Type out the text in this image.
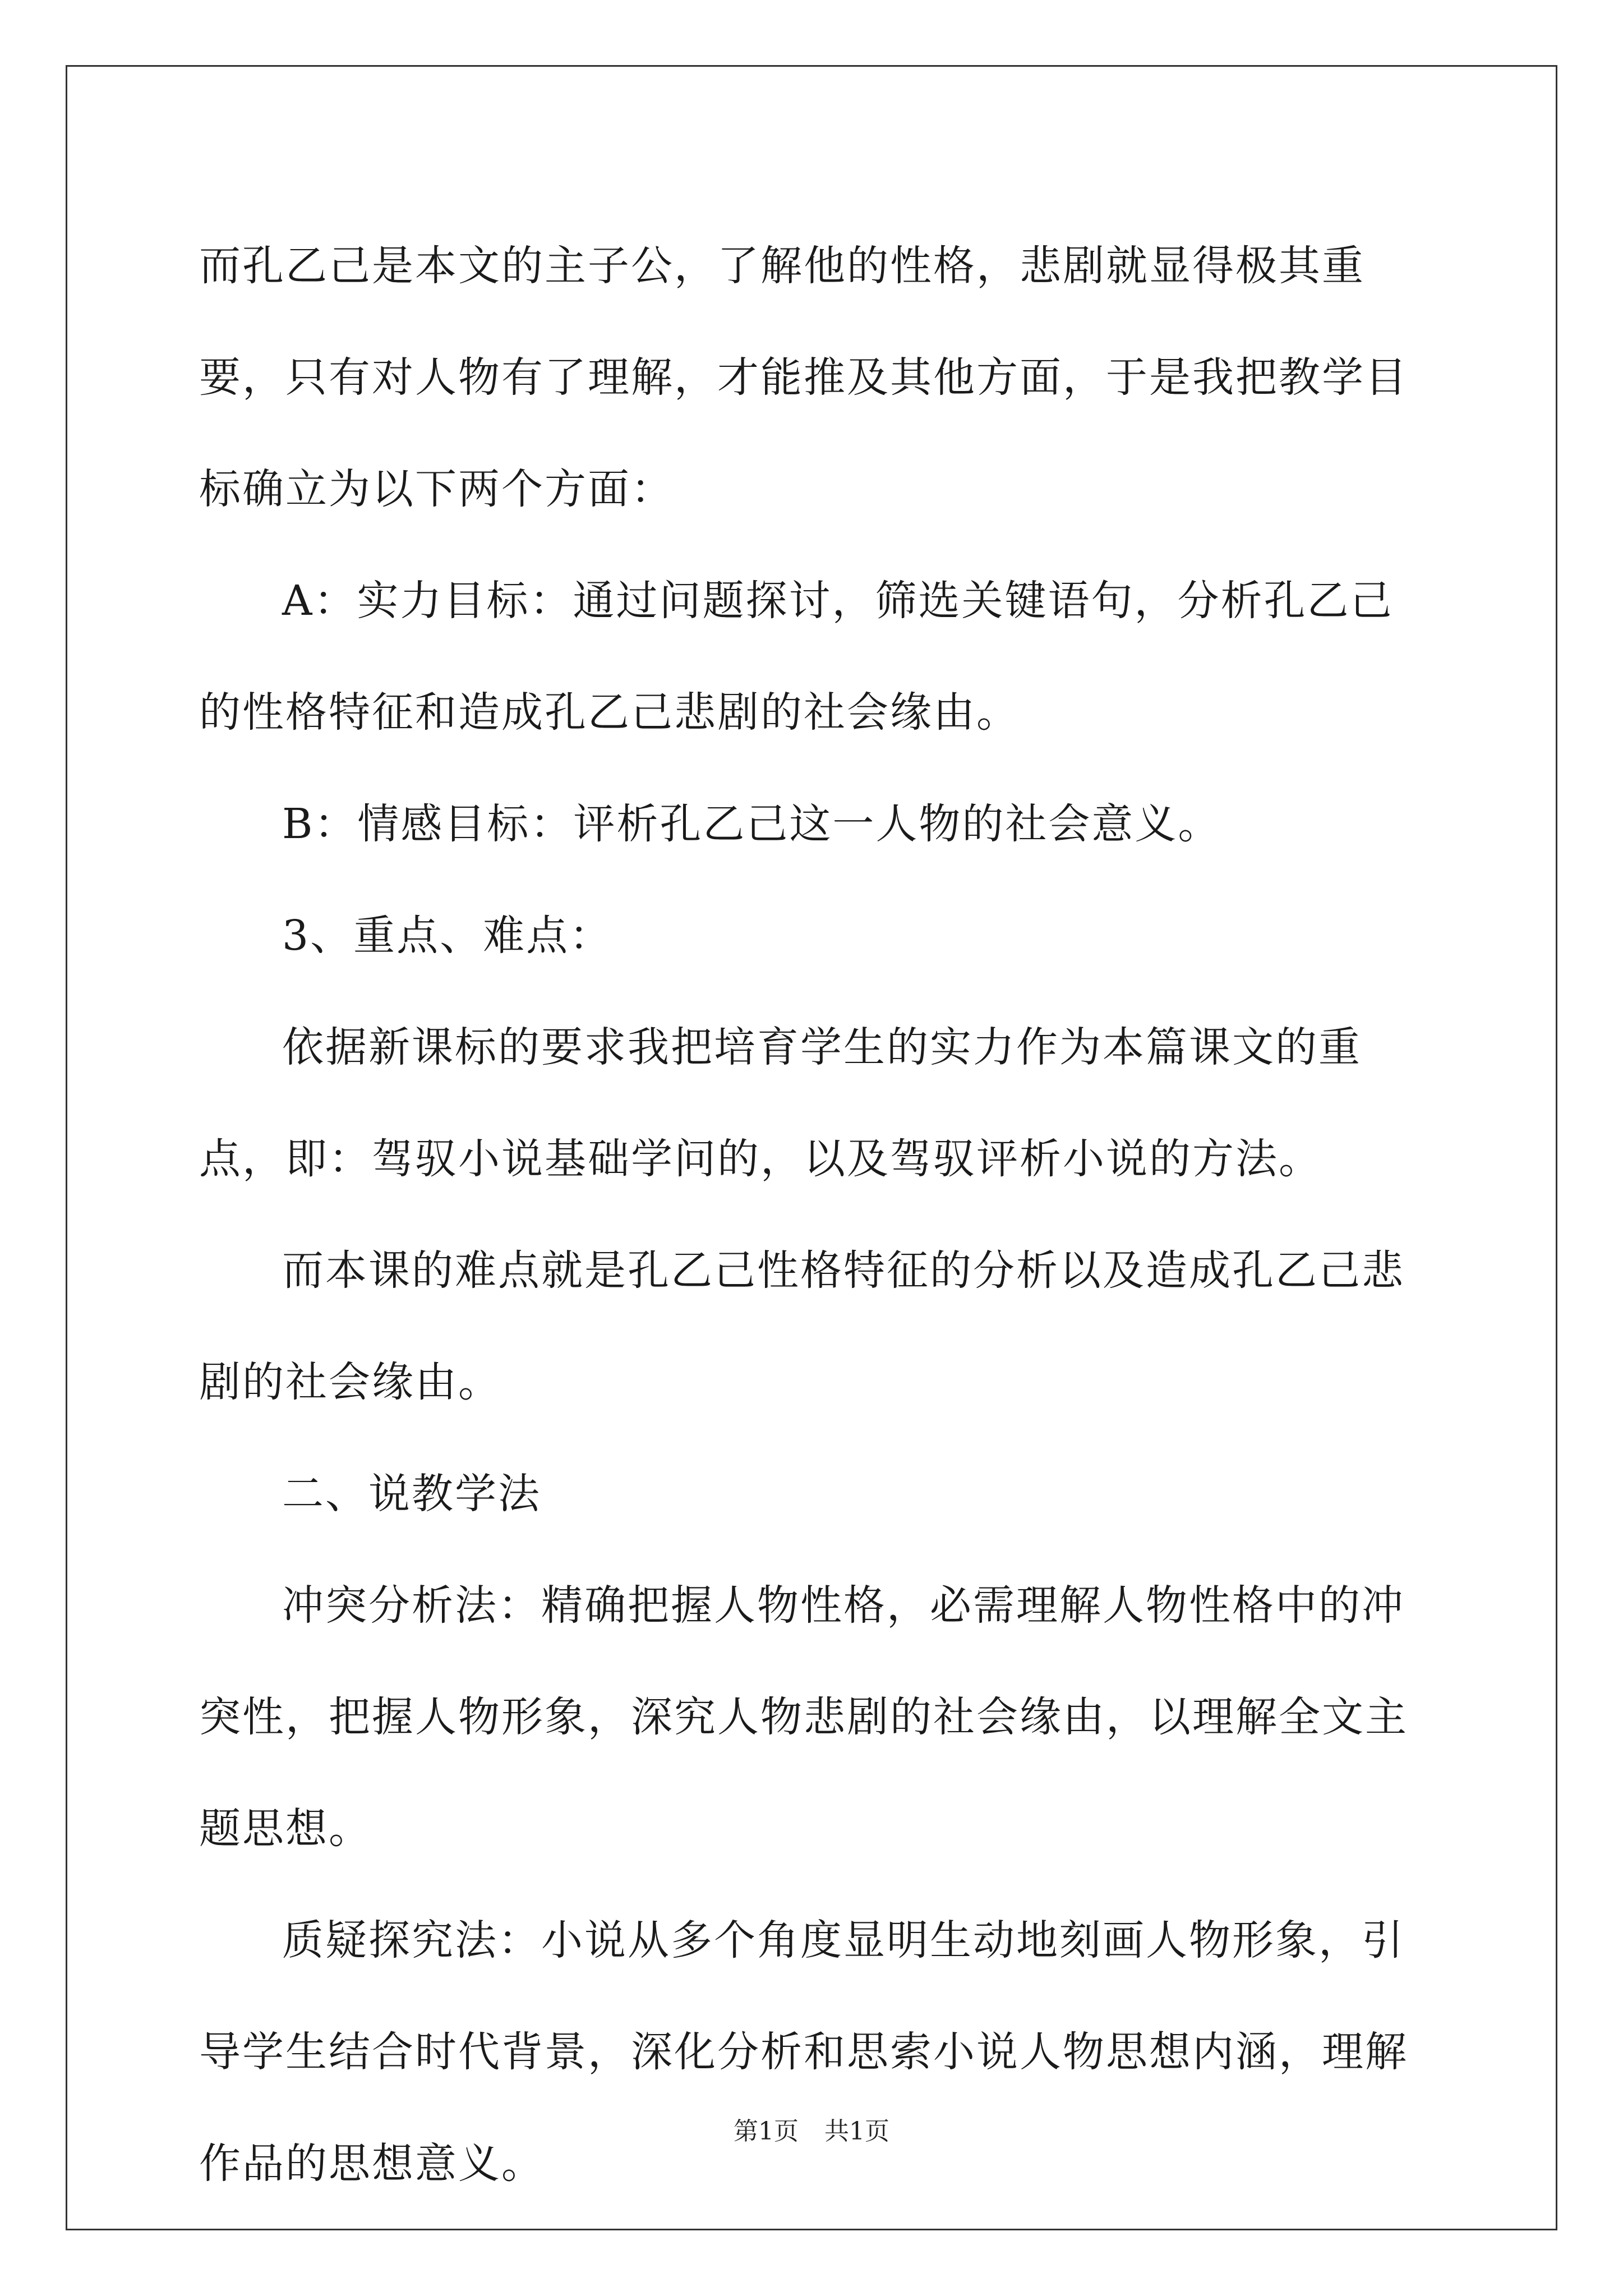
而孔乙己是本文的主子公，了解他的性格，悲剧就显得极其重要，只有对人物有了理解，才能推及其他方面，于是我把教学目标确立为以下两个方面：

A：实力目标：通过问题探讨，筛选关键语句，分析孔乙己的性格特征和造成孔乙己悲剧的社会缘由。

B：情感目标：评析孔乙己这一人物的社会意义。

3、重点、难点：

依据新课标的要求我把培育学生的实力作为本篇课文的重点，即：驾驭小说基础学问的，以及驾驭评析小说的方法。

而本课的难点就是孔乙己性格特征的分析以及造成孔乙己悲剧的社会缘由。

二、说教学法

冲突分析法：精确把握人物性格，必需理解人物性格中的冲突性，把握人物形象，深究人物悲剧的社会缘由，以理解全文主题思想。

质疑探究法：小说从多个角度显明生动地刻画人物形象，引导学生结合时代背景，深化分析和思索小说人物思想内涵，理解作品的思想意义。

第1页 共1页
